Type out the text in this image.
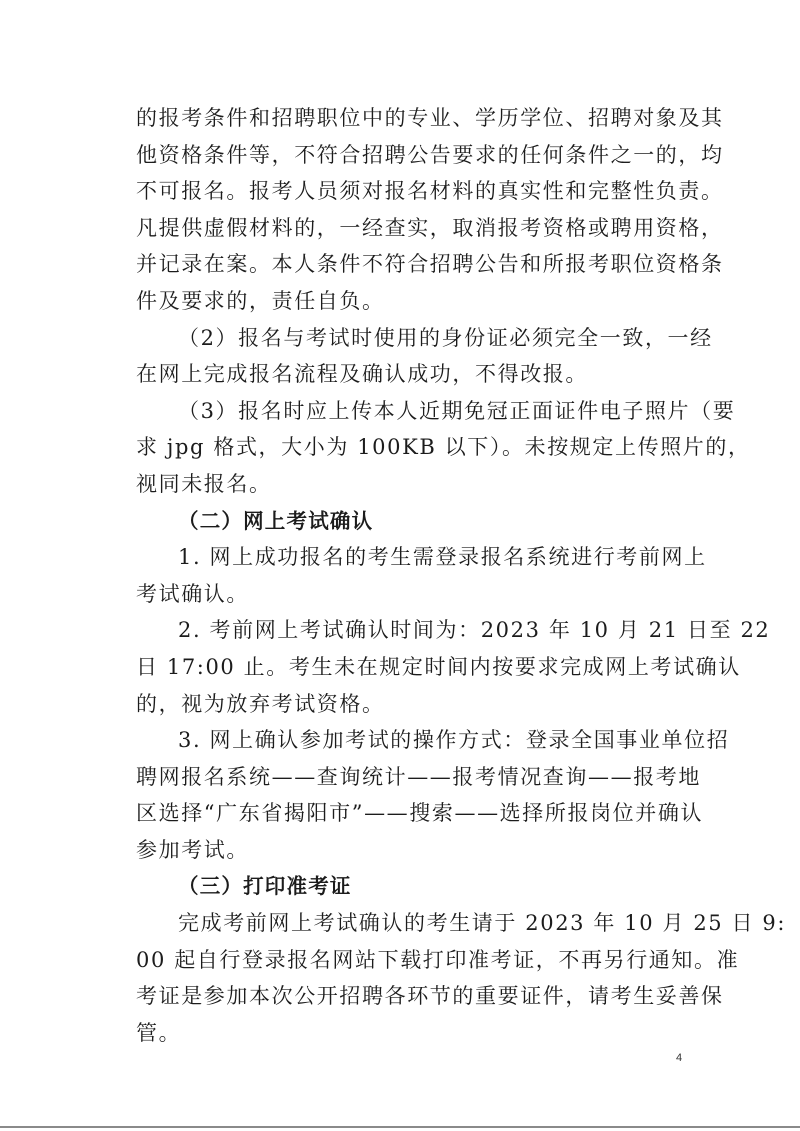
的报考条件和招聘职位中的专业、学历学位、招聘对象及其
他资格条件等，不符合招聘公告要求的任何条件之一的，均
不可报名。报考人员须对报名材料的真实性和完整性负责。
凡提供虚假材料的，一经查实，取消报考资格或聘用资格，
并记录在案。本人条件不符合招聘公告和所报考职位资格条
件及要求的，责任自负。
（2）报名与考试时使用的身份证必须完全一致，一经
在网上完成报名流程及确认成功，不得改报。
（3）报名时应上传本人近期免冠正面证件电子照片（要
求 jpg 格式，大小为 100KB 以下）。未按规定上传照片的，
视同未报名。
（二）网上考试确认
1. 网上成功报名的考生需登录报名系统进行考前网上
考试确认。
2. 考前网上考试确认时间为：2023 年 10 月 21 日至 22
日 17:00 止。考生未在规定时间内按要求完成网上考试确认
的，视为放弃考试资格。
3. 网上确认参加考试的操作方式：登录全国事业单位招
聘网报名系统——查询统计——报考情况查询——报考地
区选择“广东省揭阳市”——搜索——选择所报岗位并确认
参加考试。
（三）打印准考证
完成考前网上考试确认的考生请于 2023 年 10 月 25 日 9:
00 起自行登录报名网站下载打印准考证，不再另行通知。准
考证是参加本次公开招聘各环节的重要证件，请考生妥善保
管。
4
